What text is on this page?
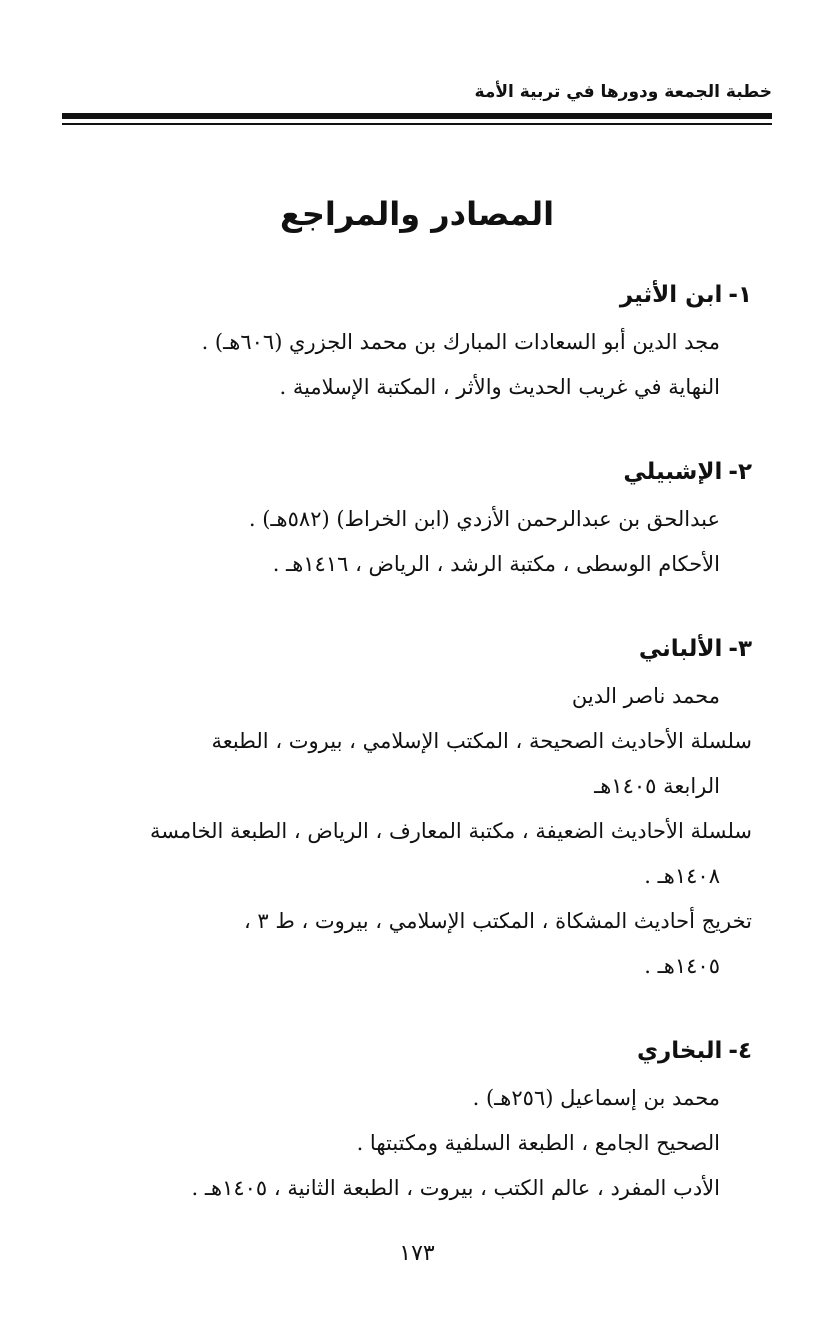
خطبة الجمعة ودورها في تربية الأمة
المصادر والمراجع
١-ابن الأثير
مجد الدين أبو السعادات المبارك بن محمد الجزري (٦٠٦هـ) .
النهاية في غريب الحديث والأثر ، المكتبة الإسلامية .
٢-الإشبيلي
عبدالحق بن عبدالرحمن الأزدي (ابن الخراط) (٥٨٢هـ) .
الأحكام الوسطى ، مكتبة الرشد ، الرياض ، ١٤١٦هـ .
٣-الألباني
محمد ناصر الدين
سلسلة الأحاديث الصحيحة ، المكتب الإسلامي ، بيروت ، الطبعة
الرابعة ١٤٠٥هـ
سلسلة الأحاديث الضعيفة ، مكتبة المعارف ، الرياض ، الطبعة الخامسة
١٤٠٨هـ .
تخريج أحاديث المشكاة ، المكتب الإسلامي ، بيروت ، ط ٣ ،
١٤٠٥هـ .
٤-البخاري
محمد بن إسماعيل (٢٥٦هـ) .
الصحيح الجامع ، الطبعة السلفية ومكتبتها .
الأدب المفرد ، عالم الكتب ، بيروت ، الطبعة الثانية ، ١٤٠٥هـ .
١٧٣
